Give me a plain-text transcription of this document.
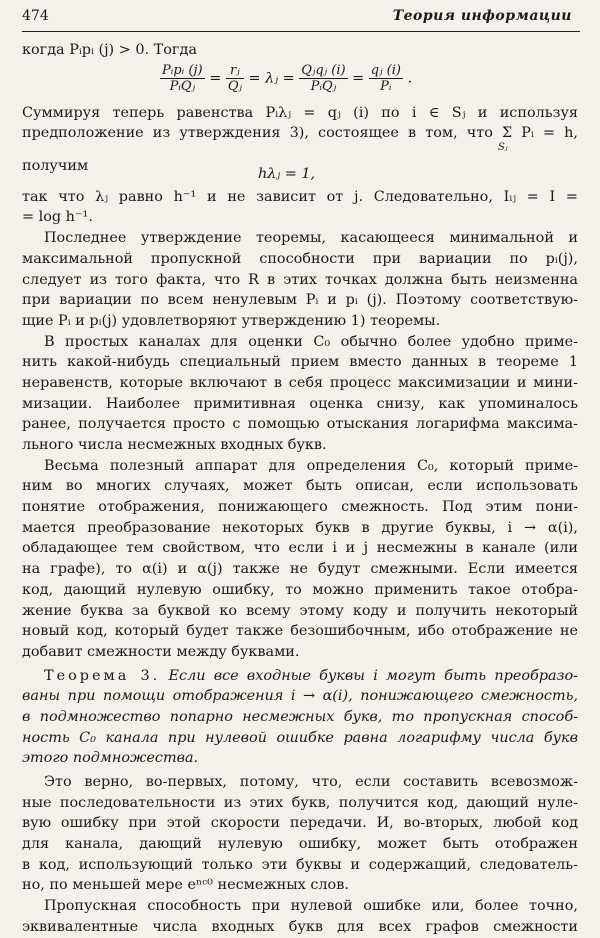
474	Теория информации
когда Pᵢpᵢ (j) > 0. Тогда
$\frac{\text{Pᵢpᵢ (j)}}{\text{PᵢQⱼ}} = \frac{\text{rⱼ}}{\text{Qⱼ}}$ = λⱼ = $\frac{\text{Qⱼqⱼ (i)}}{\text{PᵢQⱼ}} = \frac{\text{qⱼ (i)}}{\text{Pᵢ}}$ .
Суммируя теперь равенства Pᵢλⱼ = qⱼ (i) по i ∈ Sⱼ и используя
предположение из утверждения 3), состоящее в том, что Σ Pᵢ = h,
Sⱼ
получим	hλⱼ = 1,
так что λⱼ равно h⁻¹ и не зависит от j. Следовательно, Iᵢⱼ = I =
= log h⁻¹.
Последнее утверждение теоремы, касающееся минимальной и
максимальной пропускной способности при вариации по pᵢ(j),
следует из того факта, что R в этих точках должна быть неизменна
при вариации по всем ненулевым Pᵢ и pᵢ (j). Поэтому соответствую-
щие Pᵢ и pᵢ(j) удовлетворяют утверждению 1) теоремы.
В простых каналах для оценки C₀ обычно более удобно приме-
нить какой-нибудь специальный прием вместо данных в теореме 1
неравенств, которые включают в себя процесс максимизации и мини-
мизации. Наиболее примитивная оценка снизу, как упоминалось
ранее, получается просто с помощью отыскания логарифма максима-
льного числа несмежных входных букв.
Весьма полезный аппарат для определения C₀, который приме-
ним во многих случаях, может быть описан, если использовать
понятие отображения, понижающего смежность. Под этим пони-
мается преобразование некоторых букв в другие буквы, i → α(i),
обладающее тем свойством, что если i и j несмежны в канале (или
на графе), то α(i) и α(j) также не будут смежными. Если имеется
код, дающий нулевую ошибку, то можно применить такое отобра-
жение буква за буквой ко всему этому коду и получить некоторый
новый код, который будет также безошибочным, ибо отображение не
добавит смежности между буквами.
Теорема 3. Если все входные буквы i могут быть преобразо-
ваны при помощи отображения i → α(i), понижающего смежность,
в подмножество попарно несмежных букв, то пропускная способ-
ность C₀ канала при нулевой ошибке равна логарифму числа букв
этого подмножества.
Это верно, во-первых, потому, что, если составить всевозмож-
ные последовательности из этих букв, получится код, дающий нуле-
вую ошибку при этой скорости передачи. И, во-вторых, любой код
для канала, дающий нулевую ошибку, может быть отображен
в код, использующий только эти буквы и содержащий, следователь-
но, по меньшей мере eⁿᶜ⁰ несмежных слов.
Пропускная способность при нулевой ошибке или, более точно,
эквивалентные числа входных букв для всех графов смежности
